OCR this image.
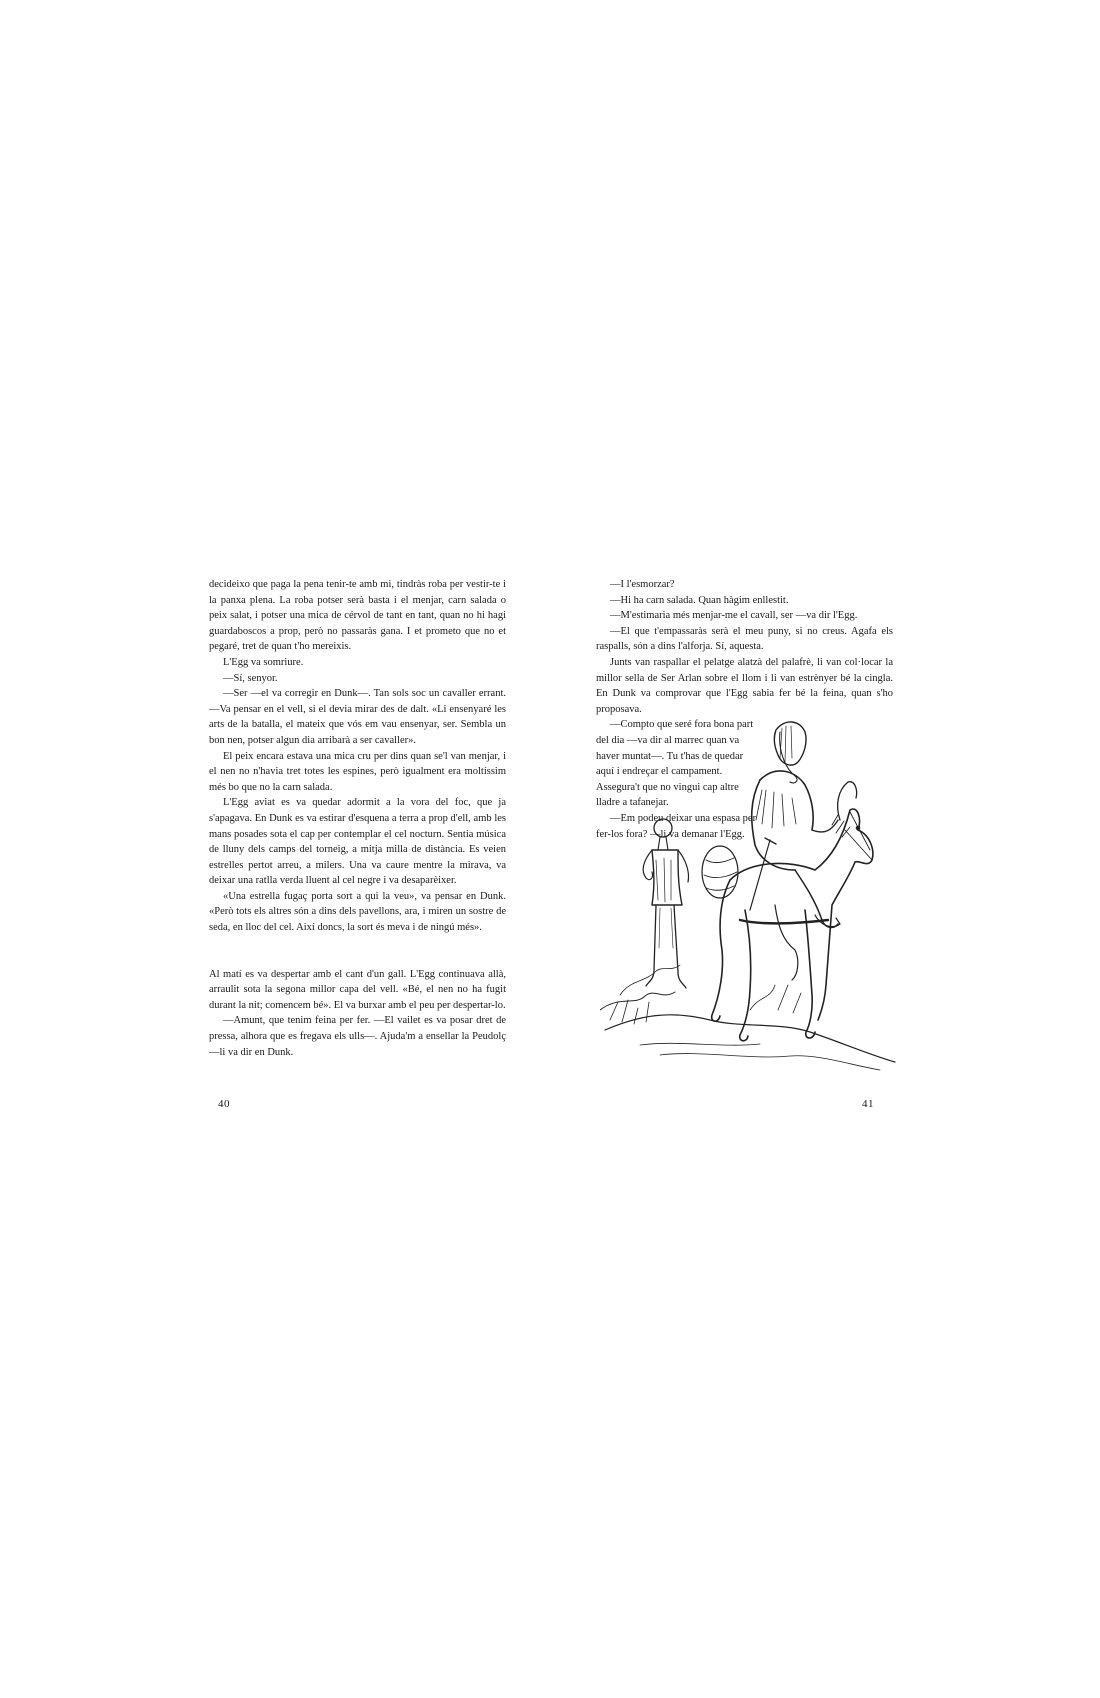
decideixo que paga la pena tenir-te amb mi, tindràs roba per vestir-te i la panxa plena. La roba potser serà basta i el menjar, carn salada o peix salat, i potser una mica de cérvol de tant en tant, quan no hi hagi guardaboscos a prop, però no passaràs gana. I et prometo que no et pegaré, tret de quan t'ho mereixis.

L'Egg va somriure.

—Sí, senyor.

—Ser —el va corregir en Dunk—. Tan sols soc un cavaller errant. —Va pensar en el vell, si el devia mirar des de dalt. «Li ensenyaré les arts de la batalla, el mateix que vós em vau ensenyar, ser. Sembla un bon nen, potser algun dia arribarà a ser cavaller».

El peix encara estava una mica cru per dins quan se'l van menjar, i el nen no n'havia tret totes les espines, però igualment era moltíssim més bo que no la carn salada.

L'Egg aviat es va quedar adormit a la vora del foc, que ja s'apagava. En Dunk es va estirar d'esquena a terra a prop d'ell, amb les mans posades sota el cap per contemplar el cel nocturn. Sentia música de lluny dels camps del torneig, a mitja milla de distància. Es veien estrelles pertot arreu, a milers. Una va caure mentre la mirava, va deixar una ratlla verda lluent al cel negre i va desaparèixer.

«Una estrella fugaç porta sort a qui la veu», va pensar en Dunk. «Però tots els altres són a dins dels pavellons, ara, i miren un sostre de seda, en lloc del cel. Així doncs, la sort és meva i de ningú més».

Al matí es va despertar amb el cant d'un gall. L'Egg continuava allà, arraulit sota la segona millor capa del vell. «Bé, el nen no ha fugit durant la nit; comencem bé». El va burxar amb el peu per despertar-lo.

—Amunt, que tenim feina per fer. —El vailet es va posar dret de pressa, alhora que es fregava els ulls—. Ajuda'm a ensellar la Peudolç —li va dir en Dunk.

40

—I l'esmorzar?

—Hi ha carn salada. Quan hàgim enllestit.

—M'estimaria més menjar-me el cavall, ser —va dir l'Egg.

—El que t'empassaràs serà el meu puny, si no creus. Agafa els raspalls, són a dins l'alforja. Sí, aquesta.

Junts van raspallar el pelatge alatzà del palafrè, li van col·locar la millor sella de Ser Arlan sobre el llom i li van estrènyer bé la cingla. En Dunk va comprovar que l'Egg sabia fer bé la feina, quan s'ho proposava.

—Compto que seré fora bona part del dia —va dir al marrec quan va haver muntat—. Tu t'has de quedar aquí i endreçar el campament. Assegura't que no vingui cap altre lladre a tafanejar.

—Em podeu deixar una espasa per fer-los fora? —li va demanar l'Egg.

41
